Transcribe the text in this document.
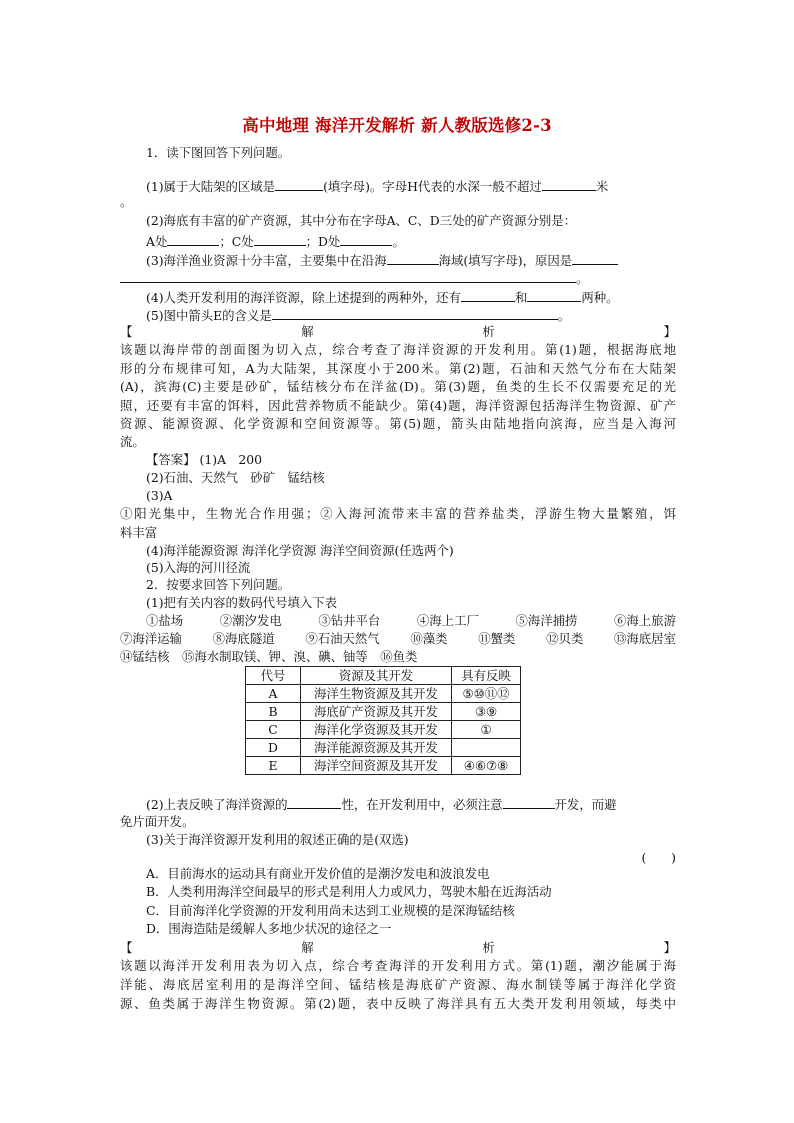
高中地理 海洋开发解析 新人教版选修2-3
1．读下图回答下列问题。
(1)属于大陆架的区域是	(填字母)。字母H代表的水深一般不超过	米
。
(2)海底有丰富的矿产资源，其中分布在字母A、C、D三处的矿产资源分别是：
A处	；C处	；D处	。
(3)海洋渔业资源十分丰富，主要集中在沿海	海域(填写字母)，原因是
。
(4)人类开发利用的海洋资源，除上述提到的两种外，还有	和	两种。
(5)图中箭头E的含义是	。
【	解	析	】
该题以海岸带的剖面图为切入点，综合考查了海洋资源的开发利用。第(1)题，根据海底地
形的分布规律可知，A为大陆架，其深度小于200米。第(2)题，石油和天然气分布在大陆架
(A)，滨海(C)主要是砂矿，锰结核分布在洋盆(D)。第(3)题，鱼类的生长不仅需要充足的光
照，还要有丰富的饵料，因此营养物质不能缺少。第(4)题，海洋资源包括海洋生物资源、矿产
资源、能源资源、化学资源和空间资源等。第(5)题，箭头由陆地指向滨海，应当是入海河
流。
【答案】 (1)A　200
(2)石油、天然气　砂矿　锰结核
(3)A
①阳光集中，生物光合作用强；②入海河流带来丰富的营养盐类，浮游生物大量繁殖，饵
料丰富
(4)海洋能源资源 海洋化学资源 海洋空间资源(任选两个)
(5)入海的河川径流
2．按要求回答下列问题。
(1)把有关内容的数码代号填入下表
①盐场	②潮汐发电	③钻井平台	④海上工厂	⑤海洋捕捞	⑥海上旅游
⑦海洋运输 ⑧海底隧道 ⑨石油天然气 ⑩藻类 ⑪蟹类 ⑫贝类 ⑬海底居室
⑭锰结核　⑮海水制取镁、钾、溴、碘、铀等　⑯鱼类
代号	资源及其开发	具有反映
A	海洋生物资源及其开发	⑤⑩⑪⑫
B	海底矿产资源及其开发	③⑨
C	海洋化学资源及其开发	①
D	海洋能源资源及其开发	
E	海洋空间资源及其开发	④⑥⑦⑧
(2)上表反映了海洋资源的	性，在开发利用中，必须注意	开发，而避
免片面开发。
(3)关于海洋资源开发利用的叙述正确的是(双选)
(　　)
A．目前海水的运动具有商业开发价值的是潮汐发电和波浪发电
B．人类利用海洋空间最早的形式是利用人力或风力，驾驶木船在近海活动
C．目前海洋化学资源的开发利用尚未达到工业规模的是深海锰结核
D．围海造陆是缓解人多地少状况的途径之一
【	解	析	】
该题以海洋开发利用表为切入点，综合考查海洋的开发利用方式。第(1)题，潮汐能属于海
洋能、海底居室利用的是海洋空间、锰结核是海底矿产资源、海水制镁等属于海洋化学资
源、鱼类属于海洋生物资源。第(2)题，表中反映了海洋具有五大类开发利用领域，每类中
